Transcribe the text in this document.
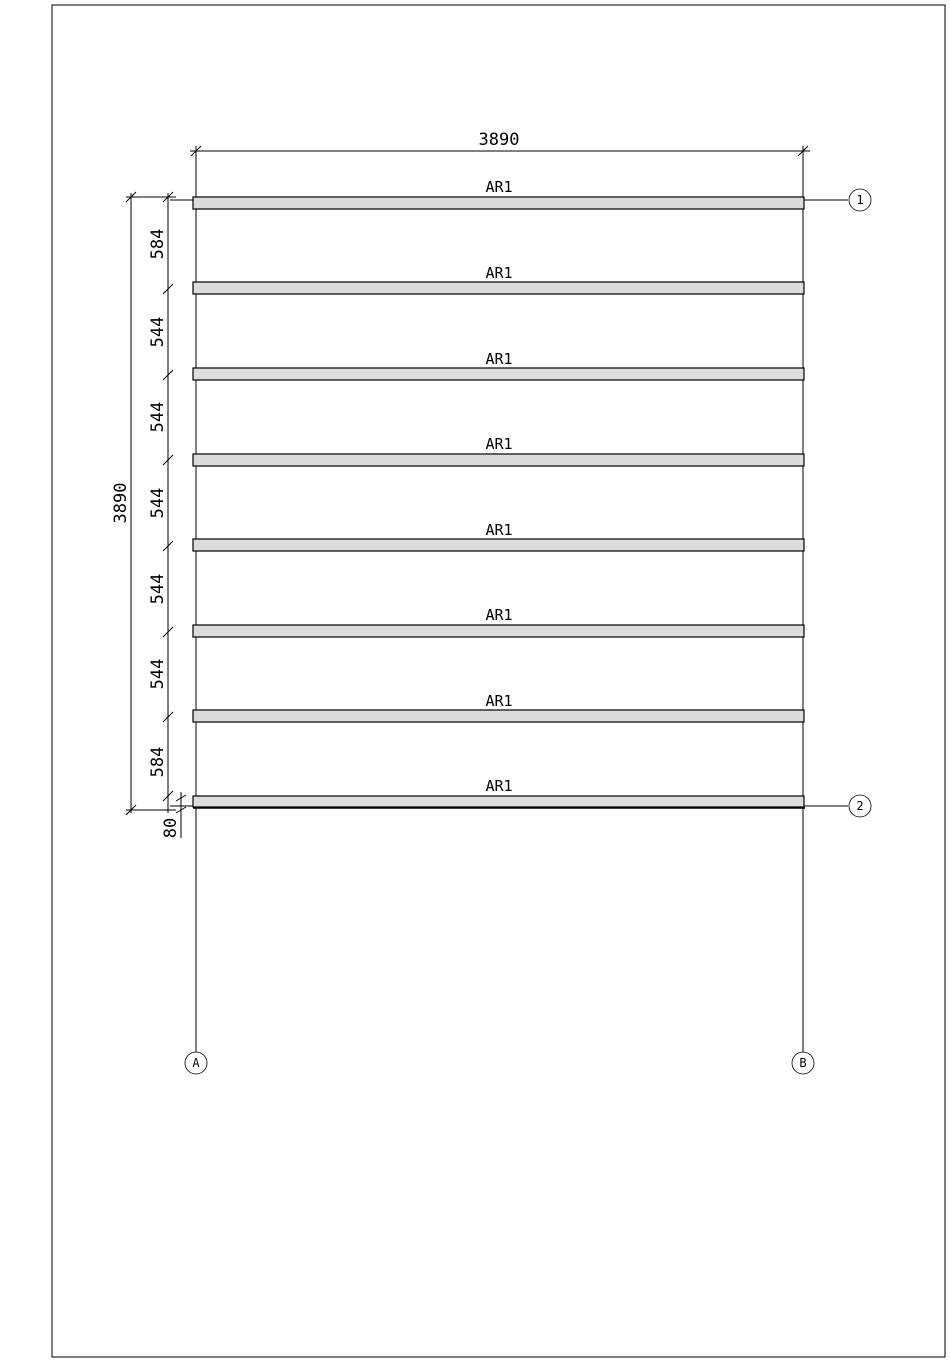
3890
3890
584
544
544
544
544
544
584
80
AR1
AR1
AR1
AR1
AR1
AR1
AR1
AR1
1
2
A	B
